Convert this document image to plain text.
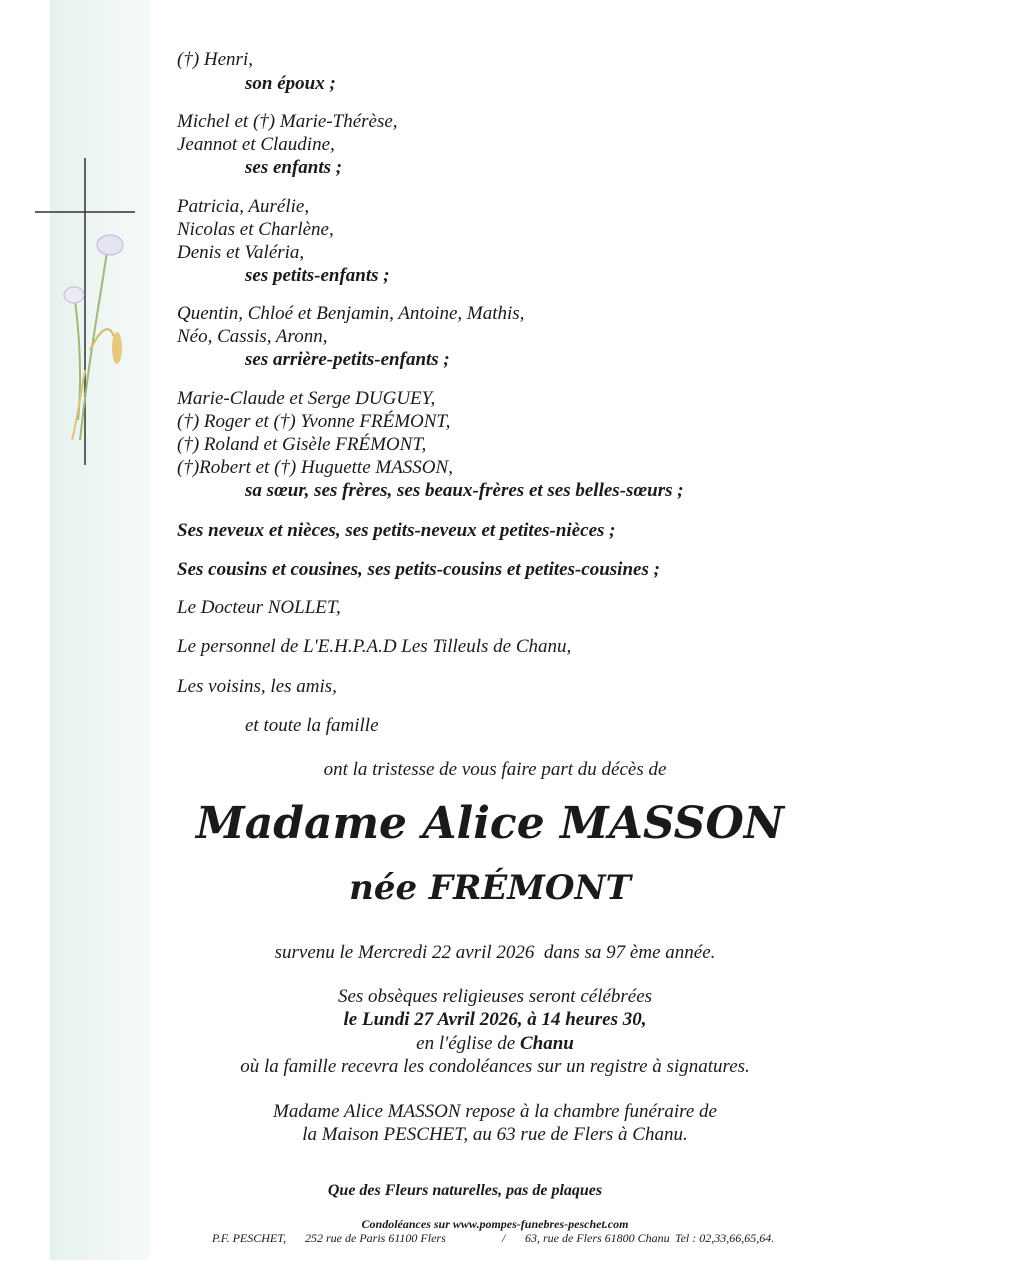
(†) Henri,
son époux ;
Michel et (†) Marie-Thérèse,
Jeannot et Claudine,
ses enfants ;
Patricia, Aurélie,
Nicolas et Charlène,
Denis et Valéria,
ses petits-enfants ;
Quentin, Chloé et Benjamin, Antoine, Mathis,
Néo, Cassis, Aronn,
ses arrière-petits-enfants ;
Marie-Claude et Serge DUGUEY,
(†) Roger et (†) Yvonne FRÉMONT,
(†) Roland et Gisèle FRÉMONT,
(†)Robert et (†) Huguette MASSON,
sa sœur, ses frères, ses beaux-frères et ses belles-sœurs ;
Ses neveux et nièces, ses petits-neveux et petites-nièces ;
Ses cousins et cousines, ses petits-cousins et petites-cousines ;
Le Docteur NOLLET,
Le personnel de L'E.H.P.A.D Les Tilleuls de Chanu,
Les voisins, les amis,
et toute la famille
ont la tristesse de vous faire part du décès de
Madame Alice MASSON
née FRÉMONT
survenu le Mercredi 22 avril 2026  dans sa 97 ème année.
Ses obsèques religieuses seront célébrées
le Lundi 27 Avril 2026, à 14 heures 30,
en l'église de Chanu
où la famille recevra les condoléances sur un registre à signatures.
Madame Alice MASSON repose à la chambre funéraire de
la Maison PESCHET, au 63 rue de Flers à Chanu.
Que des Fleurs naturelles, pas de plaques
Condoléances sur www.pompes-funebres-peschet.com
P.F. PESCHET, 252 rue de Paris 61100 Flers	/ 63, rue de Flers 61800 Chanu Tel : 02,33,66,65,64.
